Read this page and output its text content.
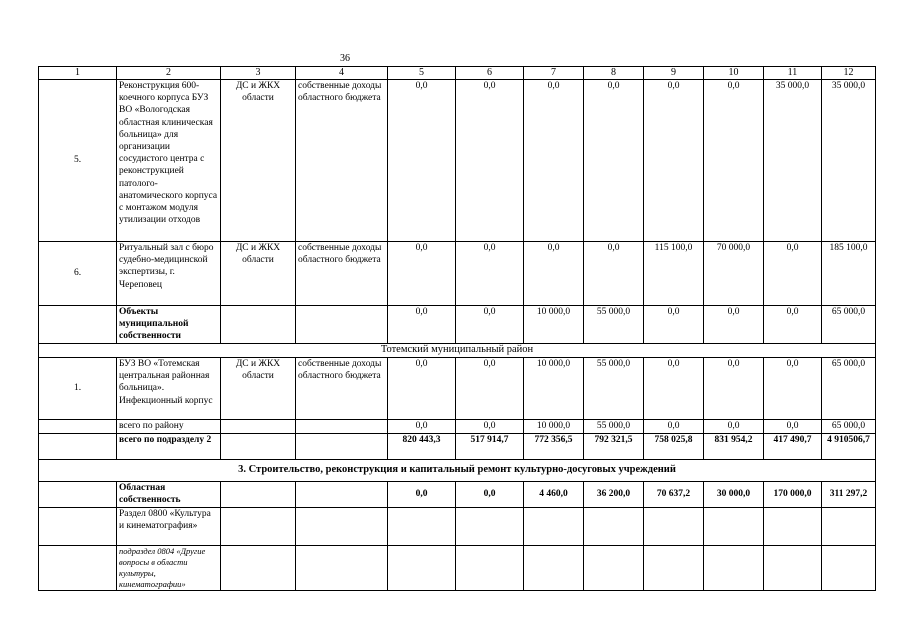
36
1	2	3	4	5	6	7	8	9	10	11	12
5.	Реконструкция 600-коечного корпуса БУЗ ВО «Вологодская областная клиническая больница» для организации сосудистого центра с реконструкцией патолого-анатомического корпуса с монтажом модуля утилизации отходов	ДС и ЖКХ области	собственные доходы областного бюджета	0,0	0,0	0,0	0,0	0,0	0,0	35 000,0	35 000,0
6.	Ритуальный зал с бюро судебно-медицинской экспертизы, г. Череповец	ДС и ЖКХ области	собственные доходы областного бюджета	0,0	0,0	0,0	0,0	115 100,0	70 000,0	0,0	185 100,0
	Объекты муниципальной собственности			0,0	0,0	10 000,0	55 000,0	0,0	0,0	0,0	65 000,0
Тотемский муниципальный район											
1.	БУЗ ВО «Тотемская центральная районная больница». Инфекционный корпус	ДС и ЖКХ области	собственные доходы областного бюджета	0,0	0,0	10 000,0	55 000,0	0,0	0,0	0,0	65 000,0
	всего по району			0,0	0,0	10 000,0	55 000,0	0,0	0,0	0,0	65 000,0
	всего по подразделу 2			820 443,3	517 914,7	772 356,5	792 321,5	758 025,8	831 954,2	417 490,7	4 910506,7
3. Строительство, реконструкция и капитальный ремонт культурно-досуговых учреждений											
	Областная собственность			0,0	0,0	4 460,0	36 200,0	70 637,2	30 000,0	170 000,0	311 297,2
	Раздел 0800 «Культура и кинематография»										
	подраздел 0804 «Другие вопросы в области культуры, кинематографии»										
